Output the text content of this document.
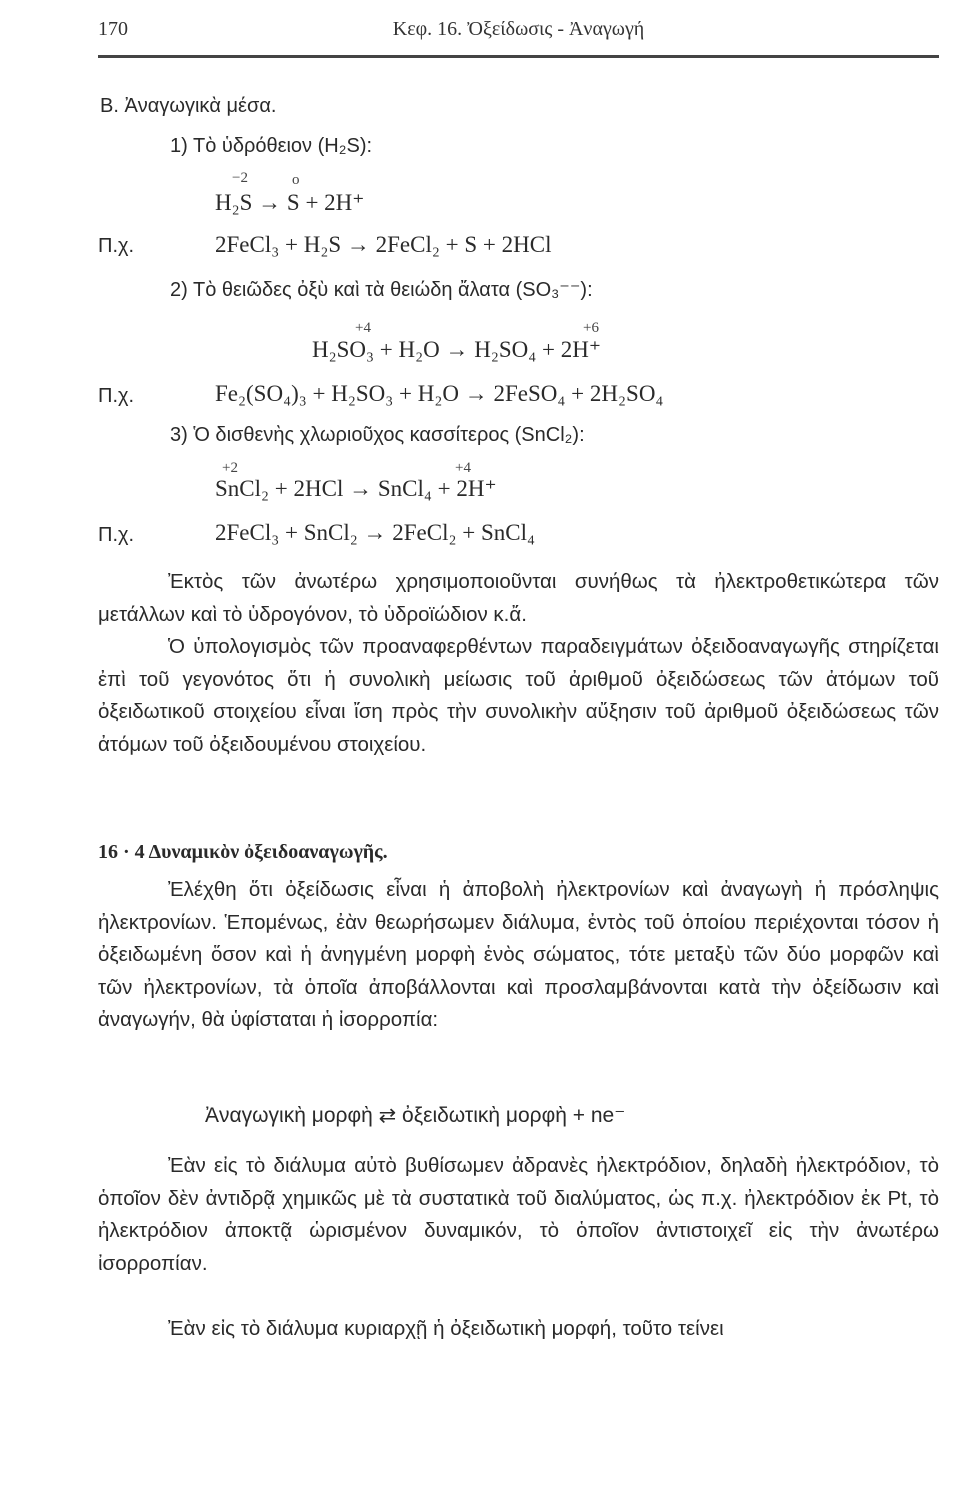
170	Κεφ. 16. Ὀξείδωσις - Ἀναγωγή
Β. Ἀναγωγικὰ μέσα.
1) Τὸ ὑδρόθειον (H₂S):
−2	o
H₂S → S + 2H⁺
Π.χ.	2FeCl₃ + H₂S → 2FeCl₂ + S + 2HCl
2) Τὸ θειῶδες ὀξὺ καὶ τὰ θειώδη ἄλατα (SO₃⁻⁻):
+4	+6
H₂SO₃ + H₂O → H₂SO₄ + 2H⁺
Π.χ.	Fe₂(SO₄)₃ + H₂SO₃ + H₂O → 2FeSO₄ + 2H₂SO₄
3) Ὁ δισθενὴς χλωριοῦχος κασσίτερος (SnCl₂):
+2	+4
SnCl₂ + 2HCl → SnCl₄ + 2H⁺
Π.χ.	2FeCl₃ + SnCl₂ → 2FeCl₂ + SnCl₄
Ἐκτὸς τῶν ἀνωτέρω χρησιμοποιοῦνται συνήθως τὰ ἠλεκτροθετικώτερα τῶν μετάλλων καὶ τὸ ὑδρογόνον, τὸ ὑδροϊώδιον κ.ἄ.
Ὁ ὑπολογισμὸς τῶν προαναφερθέντων παραδειγμάτων ὀξειδοαναγωγῆς στηρίζεται ἐπὶ τοῦ γεγονότος ὅτι ἡ συνολικὴ μείωσις τοῦ ἀριθμοῦ ὀξειδώσεως τῶν ἀτόμων τοῦ ὀξειδωτικοῦ στοιχείου εἶναι ἴση πρὸς τὴν συνολικὴν αὔξησιν τοῦ ἀριθμοῦ ὀξειδώσεως τῶν ἀτόμων τοῦ ὀξειδουμένου στοιχείου.
16 · 4 Δυναμικὸν ὀξειδοαναγωγῆς.
Ἐλέχθη ὅτι ὀξείδωσις εἶναι ἡ ἀποβολὴ ἠλεκτρονίων καὶ ἀναγωγὴ ἡ πρόσληψις ἠλεκτρονίων. Ἑπομένως, ἐὰν θεωρήσωμεν διάλυμα, ἐντὸς τοῦ ὁποίου περιέχονται τόσον ἡ ὀξειδωμένη ὅσον καὶ ἡ ἀνηγμένη μορφὴ ἑνὸς σώματος, τότε μεταξὺ τῶν δύο μορφῶν καὶ τῶν ἠλεκτρονίων, τὰ ὁποῖα ἀποβάλλονται καὶ προσλαμβάνονται κατὰ τὴν ὀξείδωσιν καὶ ἀναγωγήν, θὰ ὑφίσταται ἡ ἰσορροπία:
Ἀναγωγικὴ μορφὴ ⇄ ὀξειδωτικὴ μορφὴ + ne⁻
Ἐὰν εἰς τὸ διάλυμα αὐτὸ βυθίσωμεν ἀδρανὲς ἠλεκτρόδιον, δηλαδὴ ἠλεκτρόδιον, τὸ ὁποῖον δὲν ἀντιδρᾷ χημικῶς μὲ τὰ συστατικὰ τοῦ διαλύματος, ὡς π.χ. ἠλεκτρόδιον ἐκ Pt, τὸ ἠλεκτρόδιον ἀποκτᾷ ὡρισμένον δυναμικόν, τὸ ὁποῖον ἀντιστοιχεῖ εἰς τὴν ἀνωτέρω ἰσορροπίαν.
Ἐὰν εἰς τὸ διάλυμα κυριαρχῇ ἡ ὀξειδωτικὴ μορφή, τοῦτο τείνει
